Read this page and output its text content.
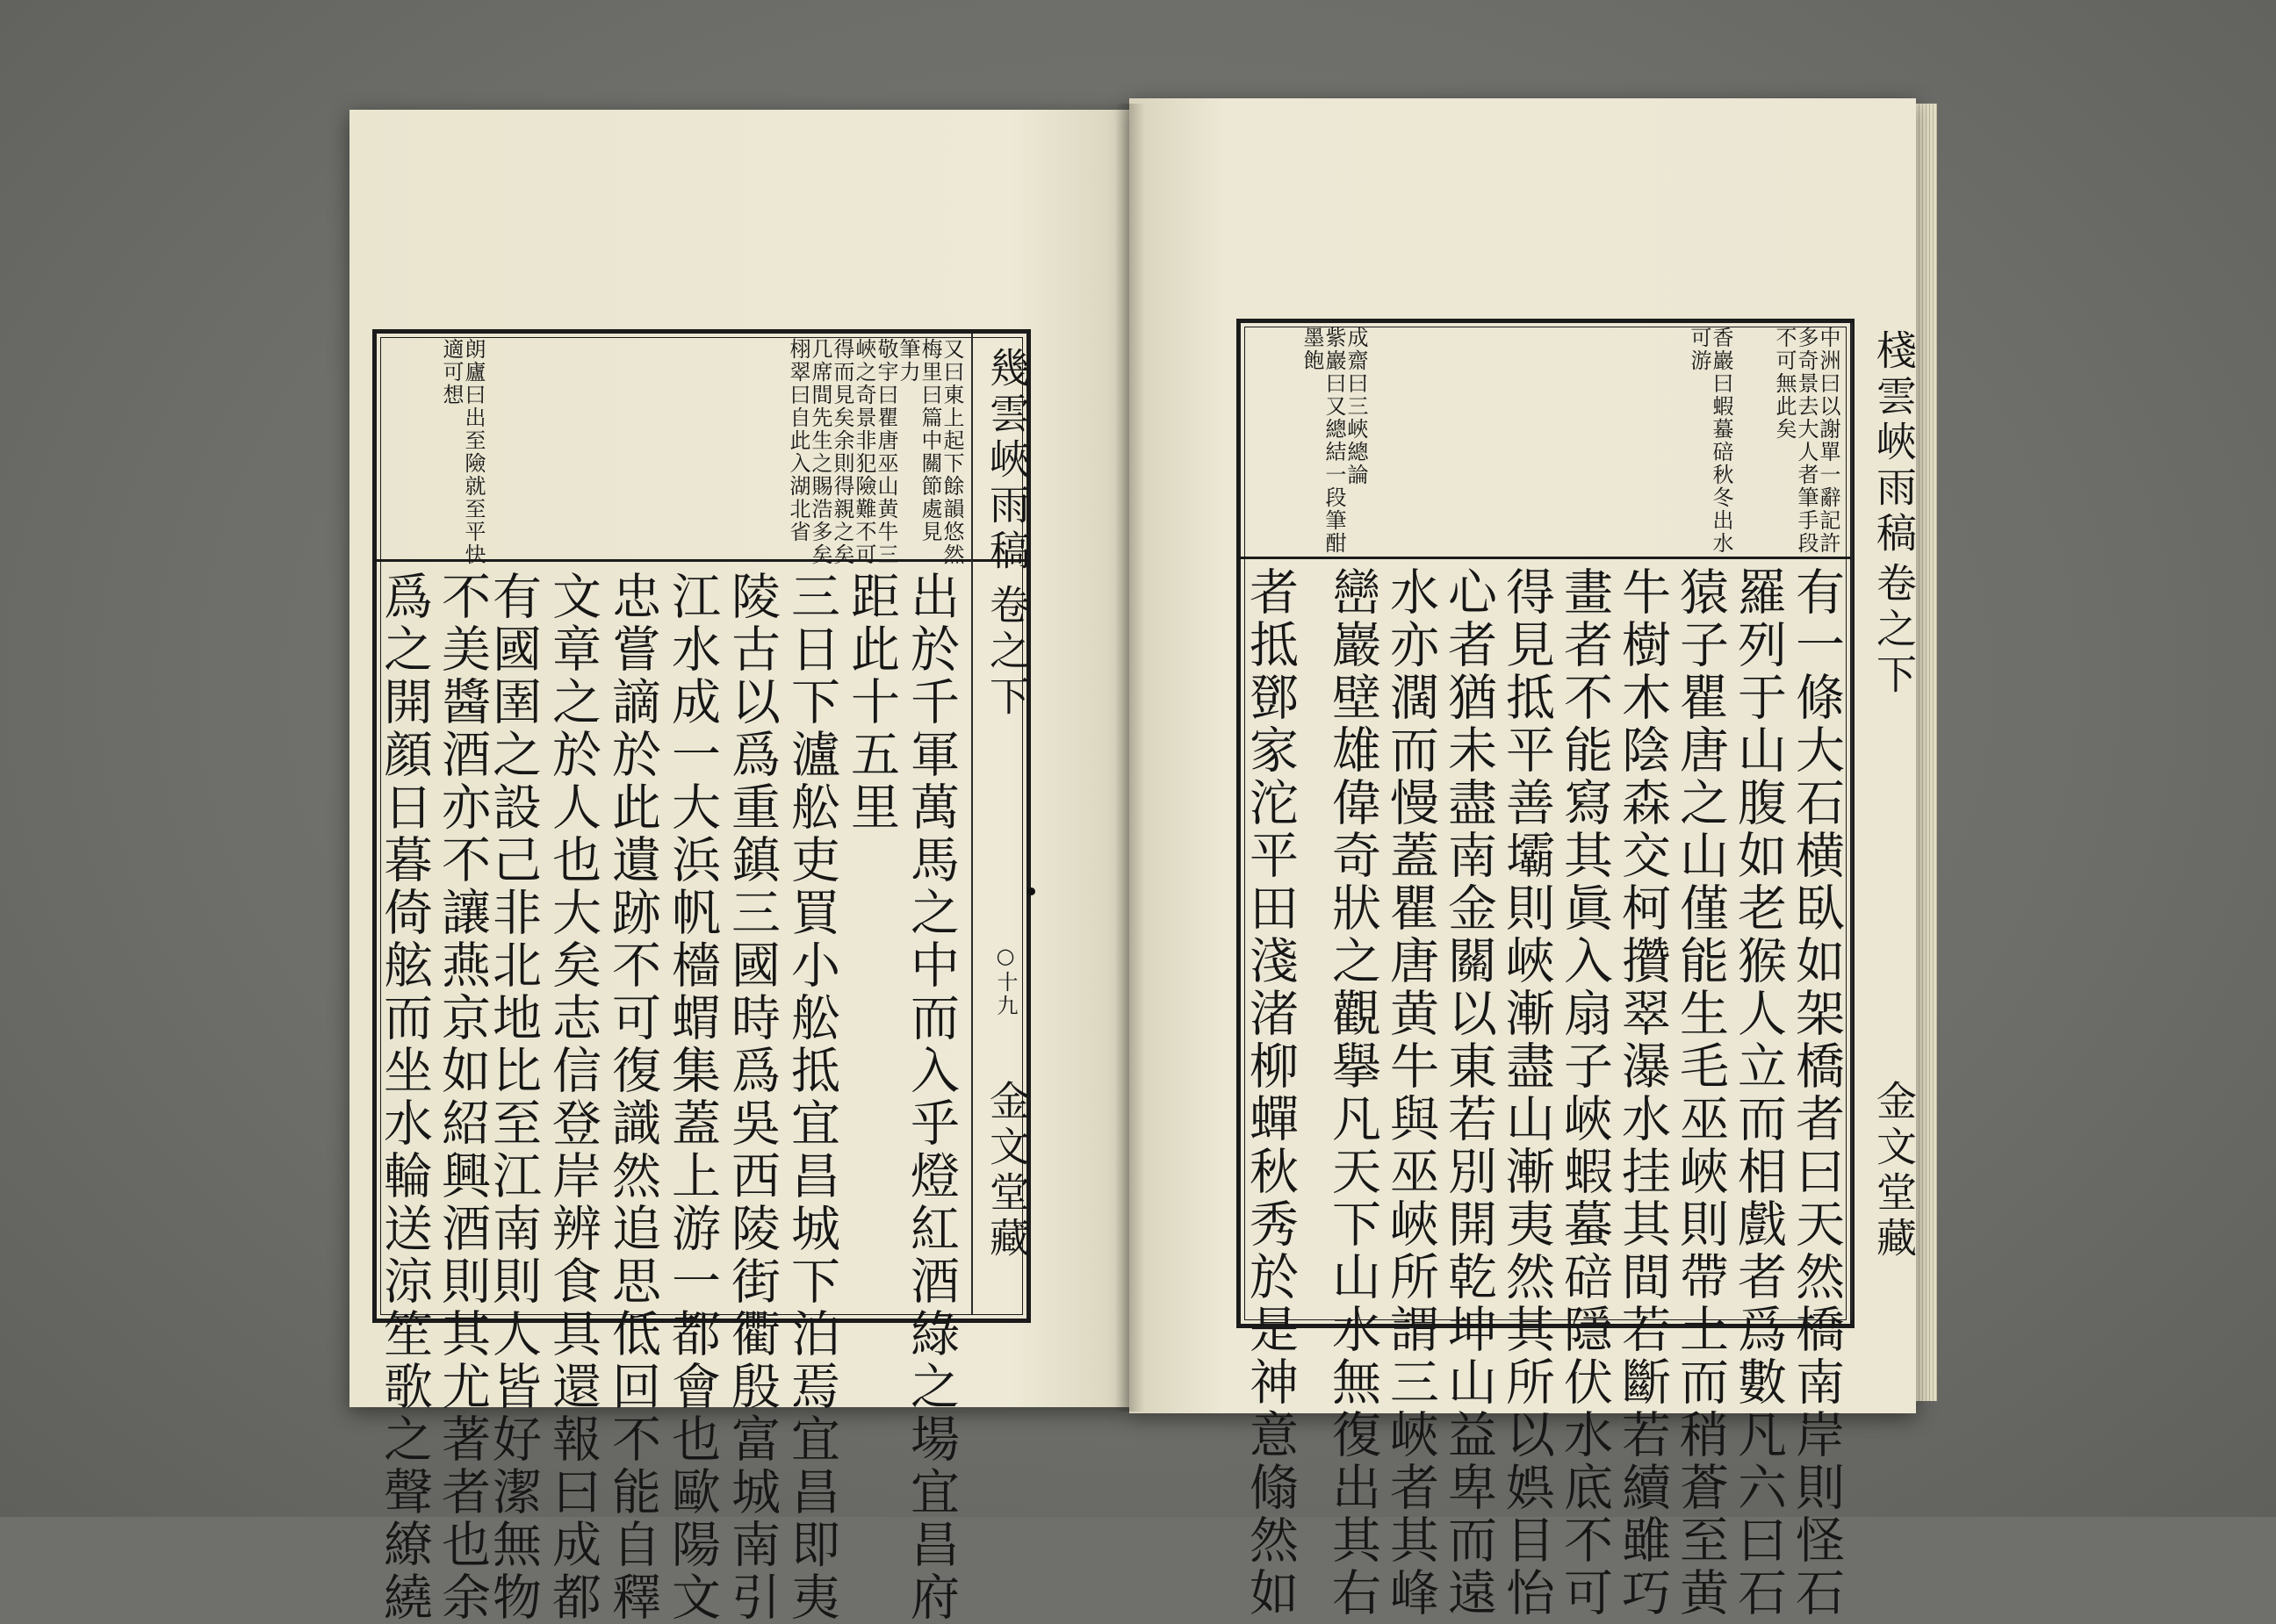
幾雲峽雨稿
卷之下
○十九
金文堂藏
又曰東上起下餘韻悠然
梅里曰篇中關節處見
筆力
敬宇曰瞿唐巫山黄牛三
峽之奇景非犯險難不可
得而見矣余則得親之矣
几席間先生之賜浩多矣
栩翠曰自此入湖北省
朗廬曰出至險就至平快
適可想
出於千軍萬馬之中而入乎燈紅酒綠之場宜昌府
距此十五里
三日下瀘舩吏買小舩抵宜昌城下泊焉宜昌即夷
陵古以爲重鎮三國時爲吳西陵街衢殷富城南引
江水成一大浜帆檣蝟集蓋上游一都會也歐陽文
忠嘗謫於此遺跡不可復識然追思低回不能自釋
文章之於人也大矣志信登岸辨食具還報曰成都
有國圉之設己非北地比至江南則人皆好潔無物
不美醬酒亦不讓燕京如紹興酒則其尤著者也余
爲之開顔日暮倚舷而坐水輪送涼笙歌之聲繚繞
棧雲峽雨稿
卷之下
金文堂藏
中洲曰以謝單一辭記許
多奇景去大人者筆手段
不可無此矣
香巖曰蝦蟇碚秋冬出水
可游
成齋曰三峽總論
紫巖曰又總結一段筆酣
墨飽
有一條大石横臥如架橋者曰天然橋南岸則怪石
羅列于山腹如老猴人立而相戲者爲數凡六曰石
猿子瞿唐之山僅能生毛巫峽則帶土而稍蒼至黄
牛樹木陰森交柯攢翠瀑水挂其間若斷若續雖巧
畫者不能寫其眞入扇子峽蝦蟇碚隱伏水底不可
得見抵平善壩則峽漸盡山漸夷然其所以娯目怡
心者猶未盡南金關以東若別開乾坤山益卑而遠
水亦濶而慢蓋瞿唐黄牛與巫峽所謂三峽者其峰
巒巖壁雄偉奇狀之觀擧凡天下山水無復出其右
者抵鄧家沱平田淺渚柳蟬秋秀於是神意翛然如
